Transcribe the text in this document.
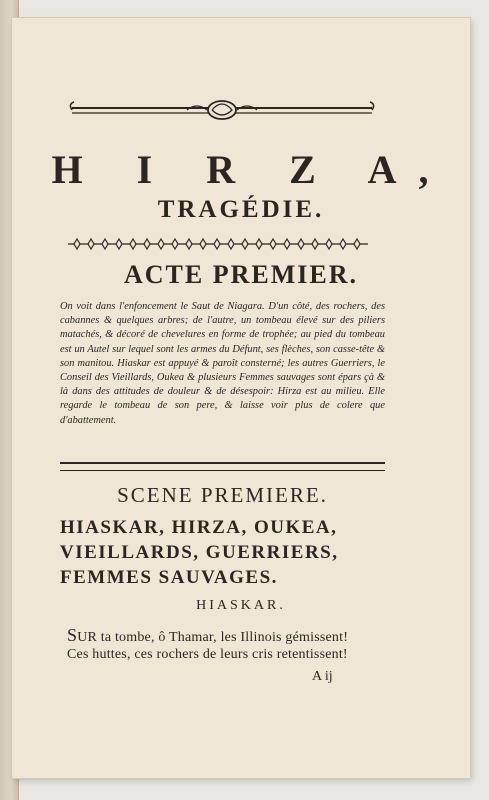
H I R Z A,
TRAGÉDIE.
ACTE PREMIER.
On voit dans l'enfoncement le Saut de Niagara. D'un côté, des rochers, des cabannes & quelques arbres; de l'autre, un tombeau élevé sur des piliers matachés, & décoré de chevelures en forme de trophée; au pied du tombeau est un Autel sur lequel sont les armes du Défunt, ses flèches, son casse-tête & son manitou. Hiaskar est appuyé & paroît consterné; les autres Guerriers, le Conseil des Vieillards, Oukea & plusieurs Femmes sauvages sont épars çà & là dans des attitudes de douleur & de désespoir: Hirza est au milieu. Elle regarde le tombeau de son pere, & laisse voir plus de colere que d'abattement.
SCENE PREMIERE.
HIASKAR, HIRZA, OUKEA,
VIEILLARDS, GUERRIERS,
FEMMES SAUVAGES.
HIASKAR.
SUR ta tombe, ô Thamar, les Illinois gémissent!
Ces huttes, ces rochers de leurs cris retentissent!
A ij
